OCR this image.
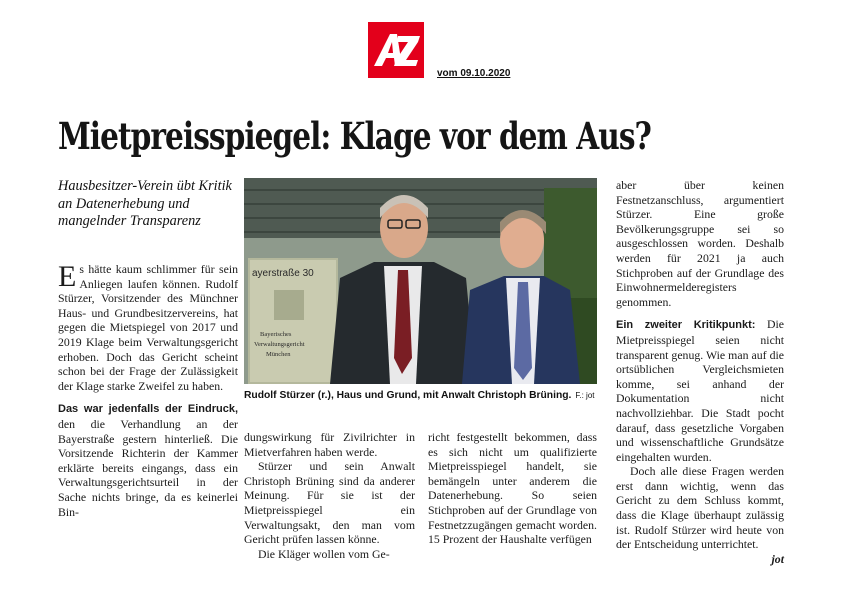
vom 09.10.2020
Mietpreisspiegel: Klage vor dem Aus?

Hausbesitzer-Verein übt Kritik an Datenerhebung und mangelnder Transparenz

Es hätte kaum schlimmer für sein Anliegen laufen können. Rudolf Stürzer, Vorsitzender des Münchner Haus- und Grundbesitzervereins, hat gegen die Mietspiegel von 2017 und 2019 Klage beim Verwaltungsgericht erhoben. Doch das Gericht scheint schon bei der Frage der Zulässigkeit der Klage starke Zweifel zu haben.

Das war jedenfalls der Eindruck, den die Verhandlung an der Bayerstraße gestern hinterließ. Die Vorsitzende Richterin der Kammer erklärte bereits eingangs, dass ein Verwaltungsgerichtsurteil in der Sache nichts bringe, da es keinerlei Bin-

ayerstraße 30
Bayerisches
Verwaltungsgericht
München
Rudolf Stürzer (r.), Haus und Grund, mit Anwalt Christoph Brüning. F.: jot

dungswirkung für Zivilrichter in Mietverfahren haben werde.

Stürzer und sein Anwalt Christoph Brüning sind da anderer Meinung. Für sie ist der Mietpreisspiegel ein Verwaltungsakt, den man vom Gericht prüfen lassen könne.

Die Kläger wollen vom Ge-

richt festgestellt bekommen, dass es sich nicht um qualifizierte Mietpreisspiegel handelt, sie bemängeln unter anderem die Datenerhebung. So seien Stichproben auf der Grundlage von Festnetzzugängen gemacht worden. 15 Prozent der Haushalte verfügen

aber über keinen Festnetzanschluss, argumentiert Stürzer. Eine große Bevölkerungsgruppe sei so ausgeschlossen worden. Deshalb werden für 2021 ja auch Stichproben auf der Grundlage des Einwohnermelderegisters genommen.

Ein zweiter Kritikpunkt: Die Mietpreisspiegel seien nicht transparent genug. Wie man auf die ortsüblichen Vergleichsmieten komme, sei anhand der Dokumentation nicht nachvollziehbar. Die Stadt pocht darauf, dass gesetzliche Vorgaben und wissenschaftliche Grundsätze eingehalten wurden.

Doch alle diese Fragen werden erst dann wichtig, wenn das Gericht zu dem Schluss kommt, dass die Klage überhaupt zulässig ist. Rudolf Stürzer wird heute von der Entscheidung unterrichtet.
jot
